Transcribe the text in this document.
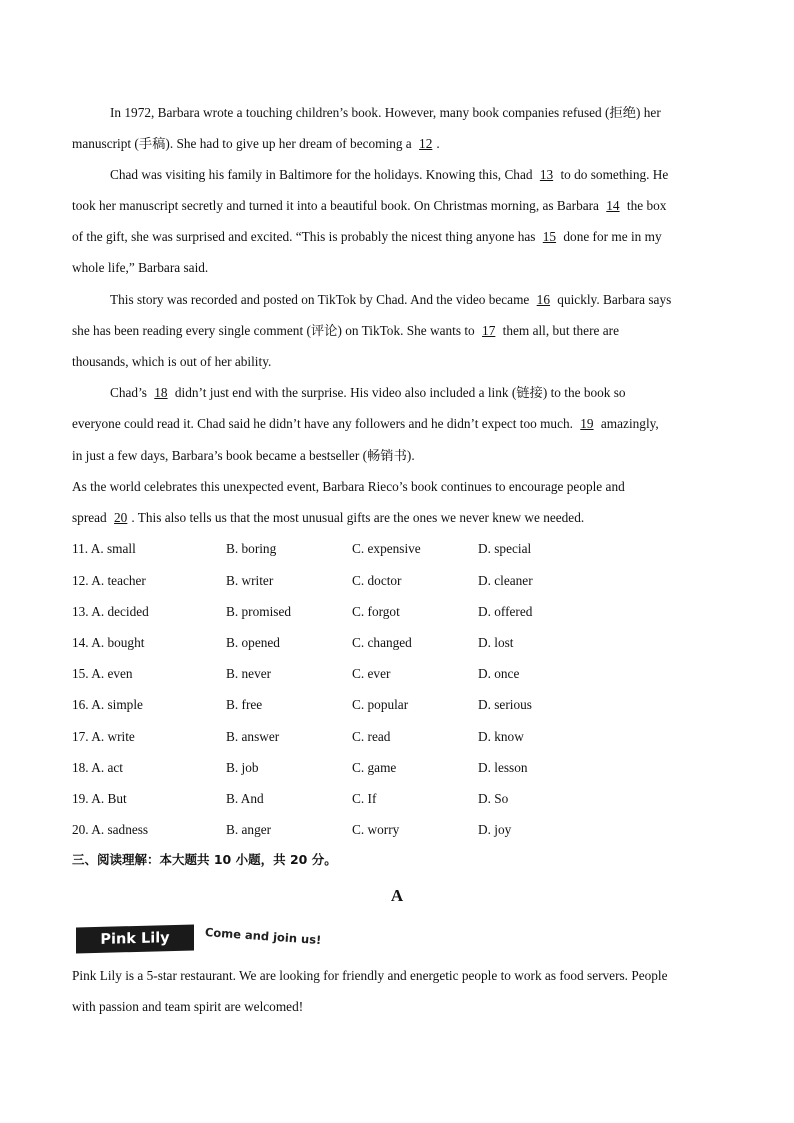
In 1972, Barbara wrote a touching children’s book. However, many book companies refused (拒绝) her
manuscript (手稿). She had to give up her dream of becoming a 12 .
Chad was visiting his family in Baltimore for the holidays. Knowing this, Chad 13 to do something. He
took her manuscript secretly and turned it into a beautiful book. On Christmas morning, as Barbara 14 the box
of the gift, she was surprised and excited. “This is probably the nicest thing anyone has 15 done for me in my
whole life,” Barbara said.
This story was recorded and posted on TikTok by Chad. And the video became 16 quickly. Barbara says
she has been reading every single comment (评论) on TikTok. She wants to 17 them all, but there are
thousands, which is out of her ability.
Chad’s 18 didn’t just end with the surprise. His video also included a link (链接) to the book so
everyone could read it. Chad said he didn’t have any followers and he didn’t expect too much. 19 amazingly,
in just a few days, Barbara’s book became a bestseller (畅销书).
As the world celebrates this unexpected event, Barbara Rieco’s book continues to encourage people and
spread 20 . This also tells us that the most unusual gifts are the ones we never knew we needed.
11. A. small	B. boring	C. expensive	D. special
12. A. teacher	B. writer	C. doctor	D. cleaner
13. A. decided	B. promised	C. forgot	D. offered
14. A. bought	B. opened	C. changed	D. lost
15. A. even	B. never	C. ever	D. once
16. A. simple	B. free	C. popular	D. serious
17. A. write	B. answer	C. read	D. know
18. A. act	B. job	C. game	D. lesson
19. A. But	B. And	C. If	D. So
20. A. sadness	B. anger	C. worry	D. joy
三、阅读理解：本大题共 10 小题，共 20 分。
A
Pink Lily	Come and join us!
Pink Lily is a 5-star restaurant. We are looking for friendly and energetic people to work as food servers. People
with passion and team spirit are welcomed!
